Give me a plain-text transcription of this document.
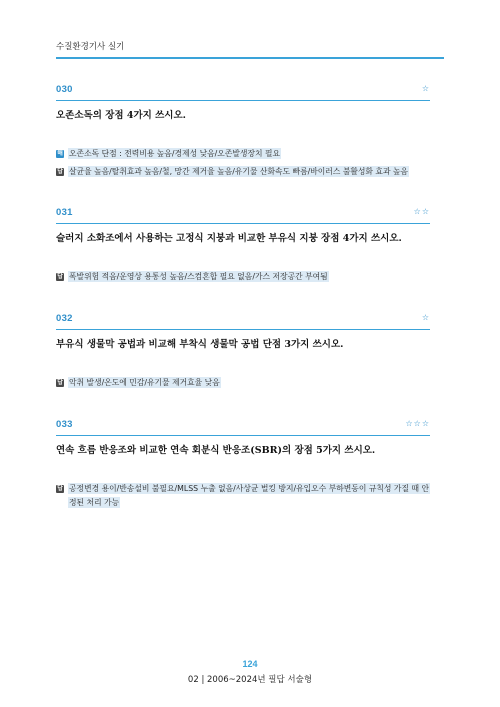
수질환경기사 실기
030	☆
오존소독의 장점 4가지 쓰시오.
해 오존소독 단점 : 전력비용 높음/경제성 낮음/오존발생장치 필요
답 살균율 높음/탈취효과 높음/철, 망간 제거율 높음/유기물 산화속도 빠름/바이러스 불활성화 효과 높음
031	☆☆
슬러지 소화조에서 사용하는 고정식 지붕과 비교한 부유식 지붕 장점 4가지 쓰시오.
답 폭발위험 적음/운영상 용통성 높음/스컴혼합 필요 없음/가스 저장공간 부여됨
032	☆
부유식 생물막 공법과 비교해 부착식 생물막 공법 단점 3가지 쓰시오.
답 악취 발생/온도에 민감/유기물 제거효율 낮음
033	☆☆☆
연속 흐름 반응조와 비교한 연속 회분식 반응조(SBR)의 장점 5가지 쓰시오.
답 공정변경 용이/반송설비 불필요/MLSS 누출 없음/사상균 벌킹 방지/유입오수 부하변동이 규칙성 가질 때 안정된 처리 가능
124
02 | 2006~2024년 필답 서술형
